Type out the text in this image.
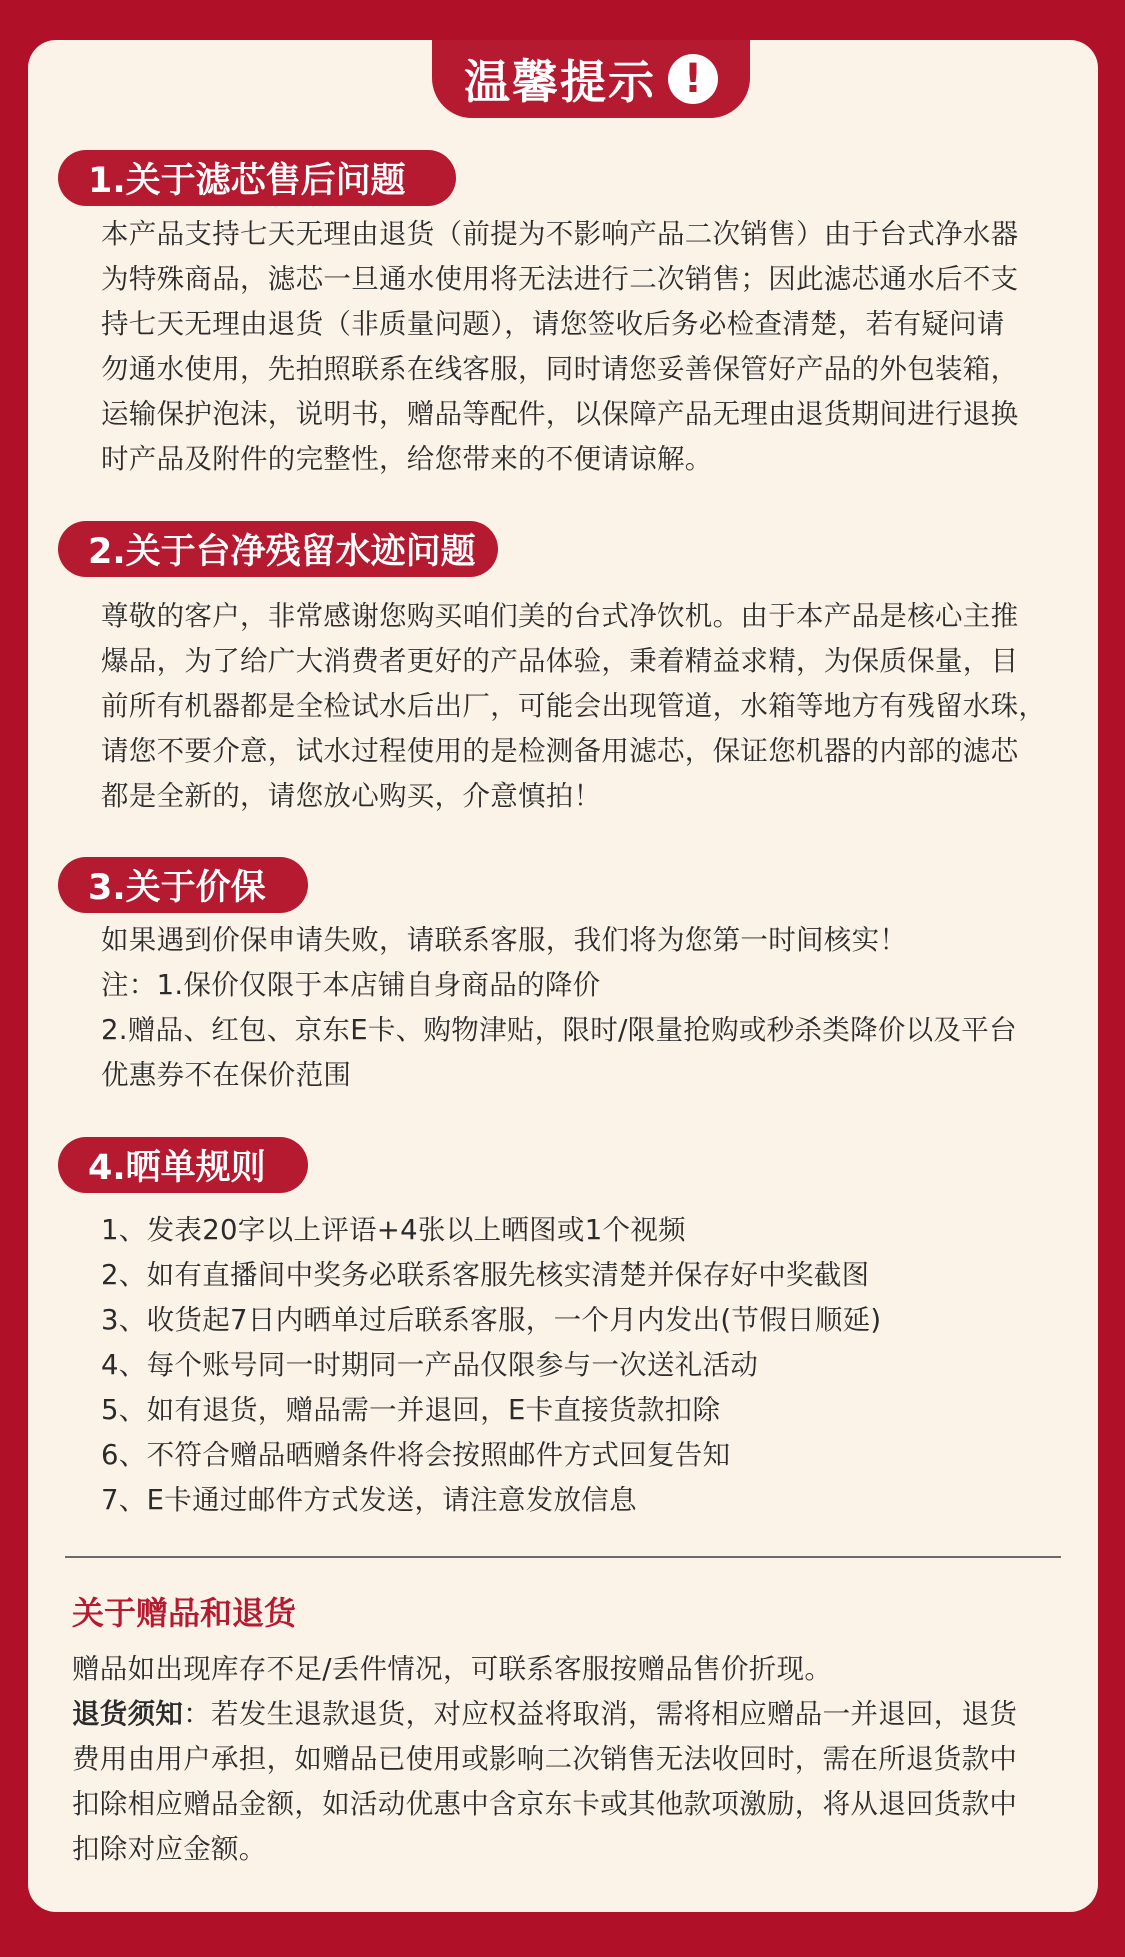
温馨提示 !
1.关于滤芯售后问题
本产品支持七天无理由退货（前提为不影响产品二次销售）由于台式净水器
为特殊商品，滤芯一旦通水使用将无法进行二次销售；因此滤芯通水后不支
持七天无理由退货（非质量问题），请您签收后务必检查清楚，若有疑问请
勿通水使用，先拍照联系在线客服，同时请您妥善保管好产品的外包装箱，
运输保护泡沫，说明书，赠品等配件，以保障产品无理由退货期间进行退换
时产品及附件的完整性，给您带来的不便请谅解。
2.关于台净残留水迹问题
尊敬的客户，非常感谢您购买咱们美的台式净饮机。由于本产品是核心主推
爆品，为了给广大消费者更好的产品体验，秉着精益求精，为保质保量，目
前所有机器都是全检试水后出厂，可能会出现管道，水箱等地方有残留水珠，
请您不要介意，试水过程使用的是检测备用滤芯，保证您机器的内部的滤芯
都是全新的，请您放心购买，介意慎拍！
3.关于价保
如果遇到价保申请失败，请联系客服，我们将为您第一时间核实！
注：1.保价仅限于本店铺自身商品的降价
2.赠品、红包、京东E卡、购物津贴，限时/限量抢购或秒杀类降价以及平台
优惠券不在保价范围
4.晒单规则
1、发表20字以上评语+4张以上晒图或1个视频
2、如有直播间中奖务必联系客服先核实清楚并保存好中奖截图
3、收货起7日内晒单过后联系客服，一个月内发出(节假日顺延)
4、每个账号同一时期同一产品仅限参与一次送礼活动
5、如有退货，赠品需一并退回，E卡直接货款扣除
6、不符合赠品晒赠条件将会按照邮件方式回复告知
7、E卡通过邮件方式发送，请注意发放信息
关于赠品和退货
赠品如出现库存不足/丢件情况，可联系客服按赠品售价折现。
退货须知：若发生退款退货，对应权益将取消，需将相应赠品一并退回，退货
费用由用户承担，如赠品已使用或影响二次销售无法收回时，需在所退货款中
扣除相应赠品金额，如活动优惠中含京东卡或其他款项激励，将从退回货款中
扣除对应金额。
